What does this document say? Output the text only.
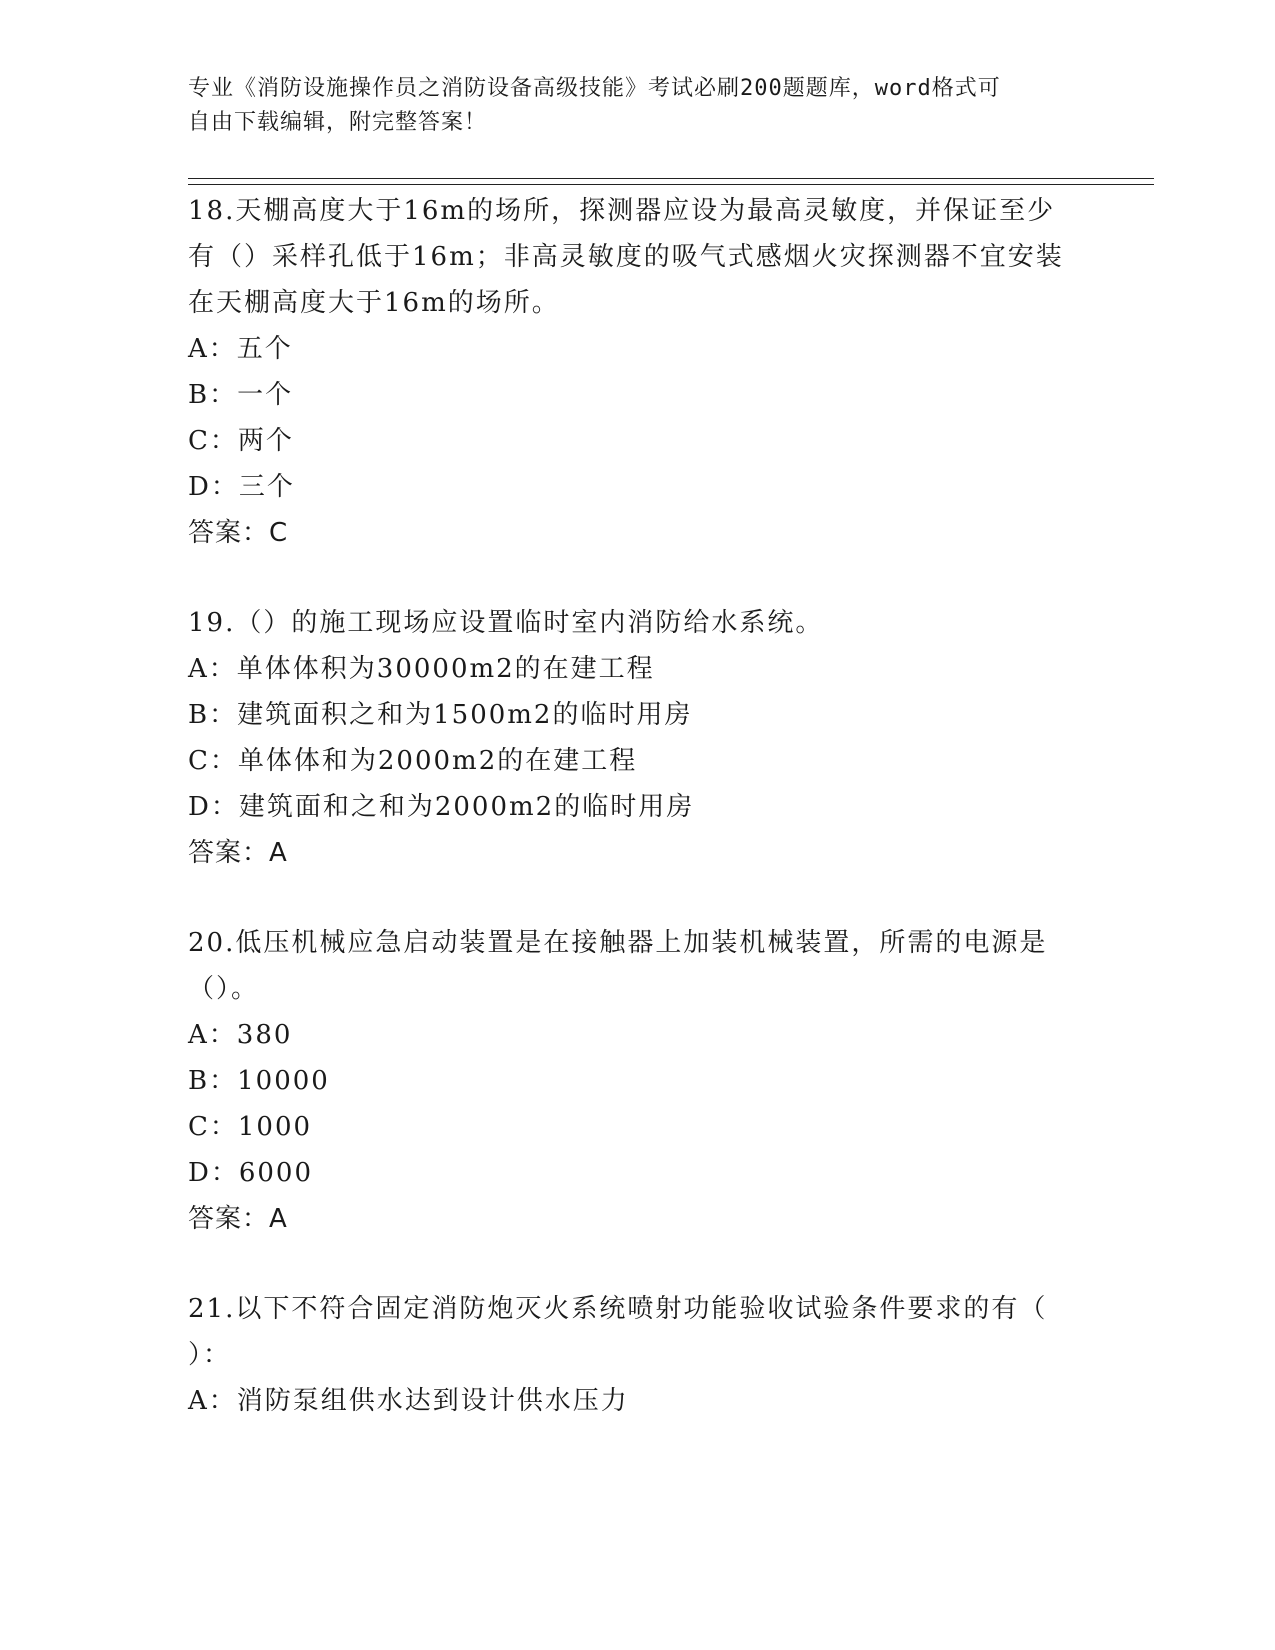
专业《消防设施操作员之消防设备高级技能》考试必刷200题题库，word格式可
自由下载编辑，附完整答案！

18.天棚高度大于16m的场所，探测器应设为最高灵敏度，并保证至少

有（）采样孔低于16m；非高灵敏度的吸气式感烟火灾探测器不宜安装

在天棚高度大于16m的场所。

A：五个

B：一个

C：两个

D：三个

答案：C

19.（）的施工现场应设置临时室内消防给水系统。

A：单体体积为30000m2的在建工程

B：建筑面积之和为1500m2的临时用房

C：单体体和为2000m2的在建工程

D：建筑面和之和为2000m2的临时用房

答案：A

20.低压机械应急启动装置是在接触器上加装机械装置，所需的电源是

（）。

A：380

B：10000

C：1000

D：6000

答案：A

21.以下不符合固定消防炮灭火系统喷射功能验收试验条件要求的有（

）：

A：消防泵组供水达到设计供水压力
